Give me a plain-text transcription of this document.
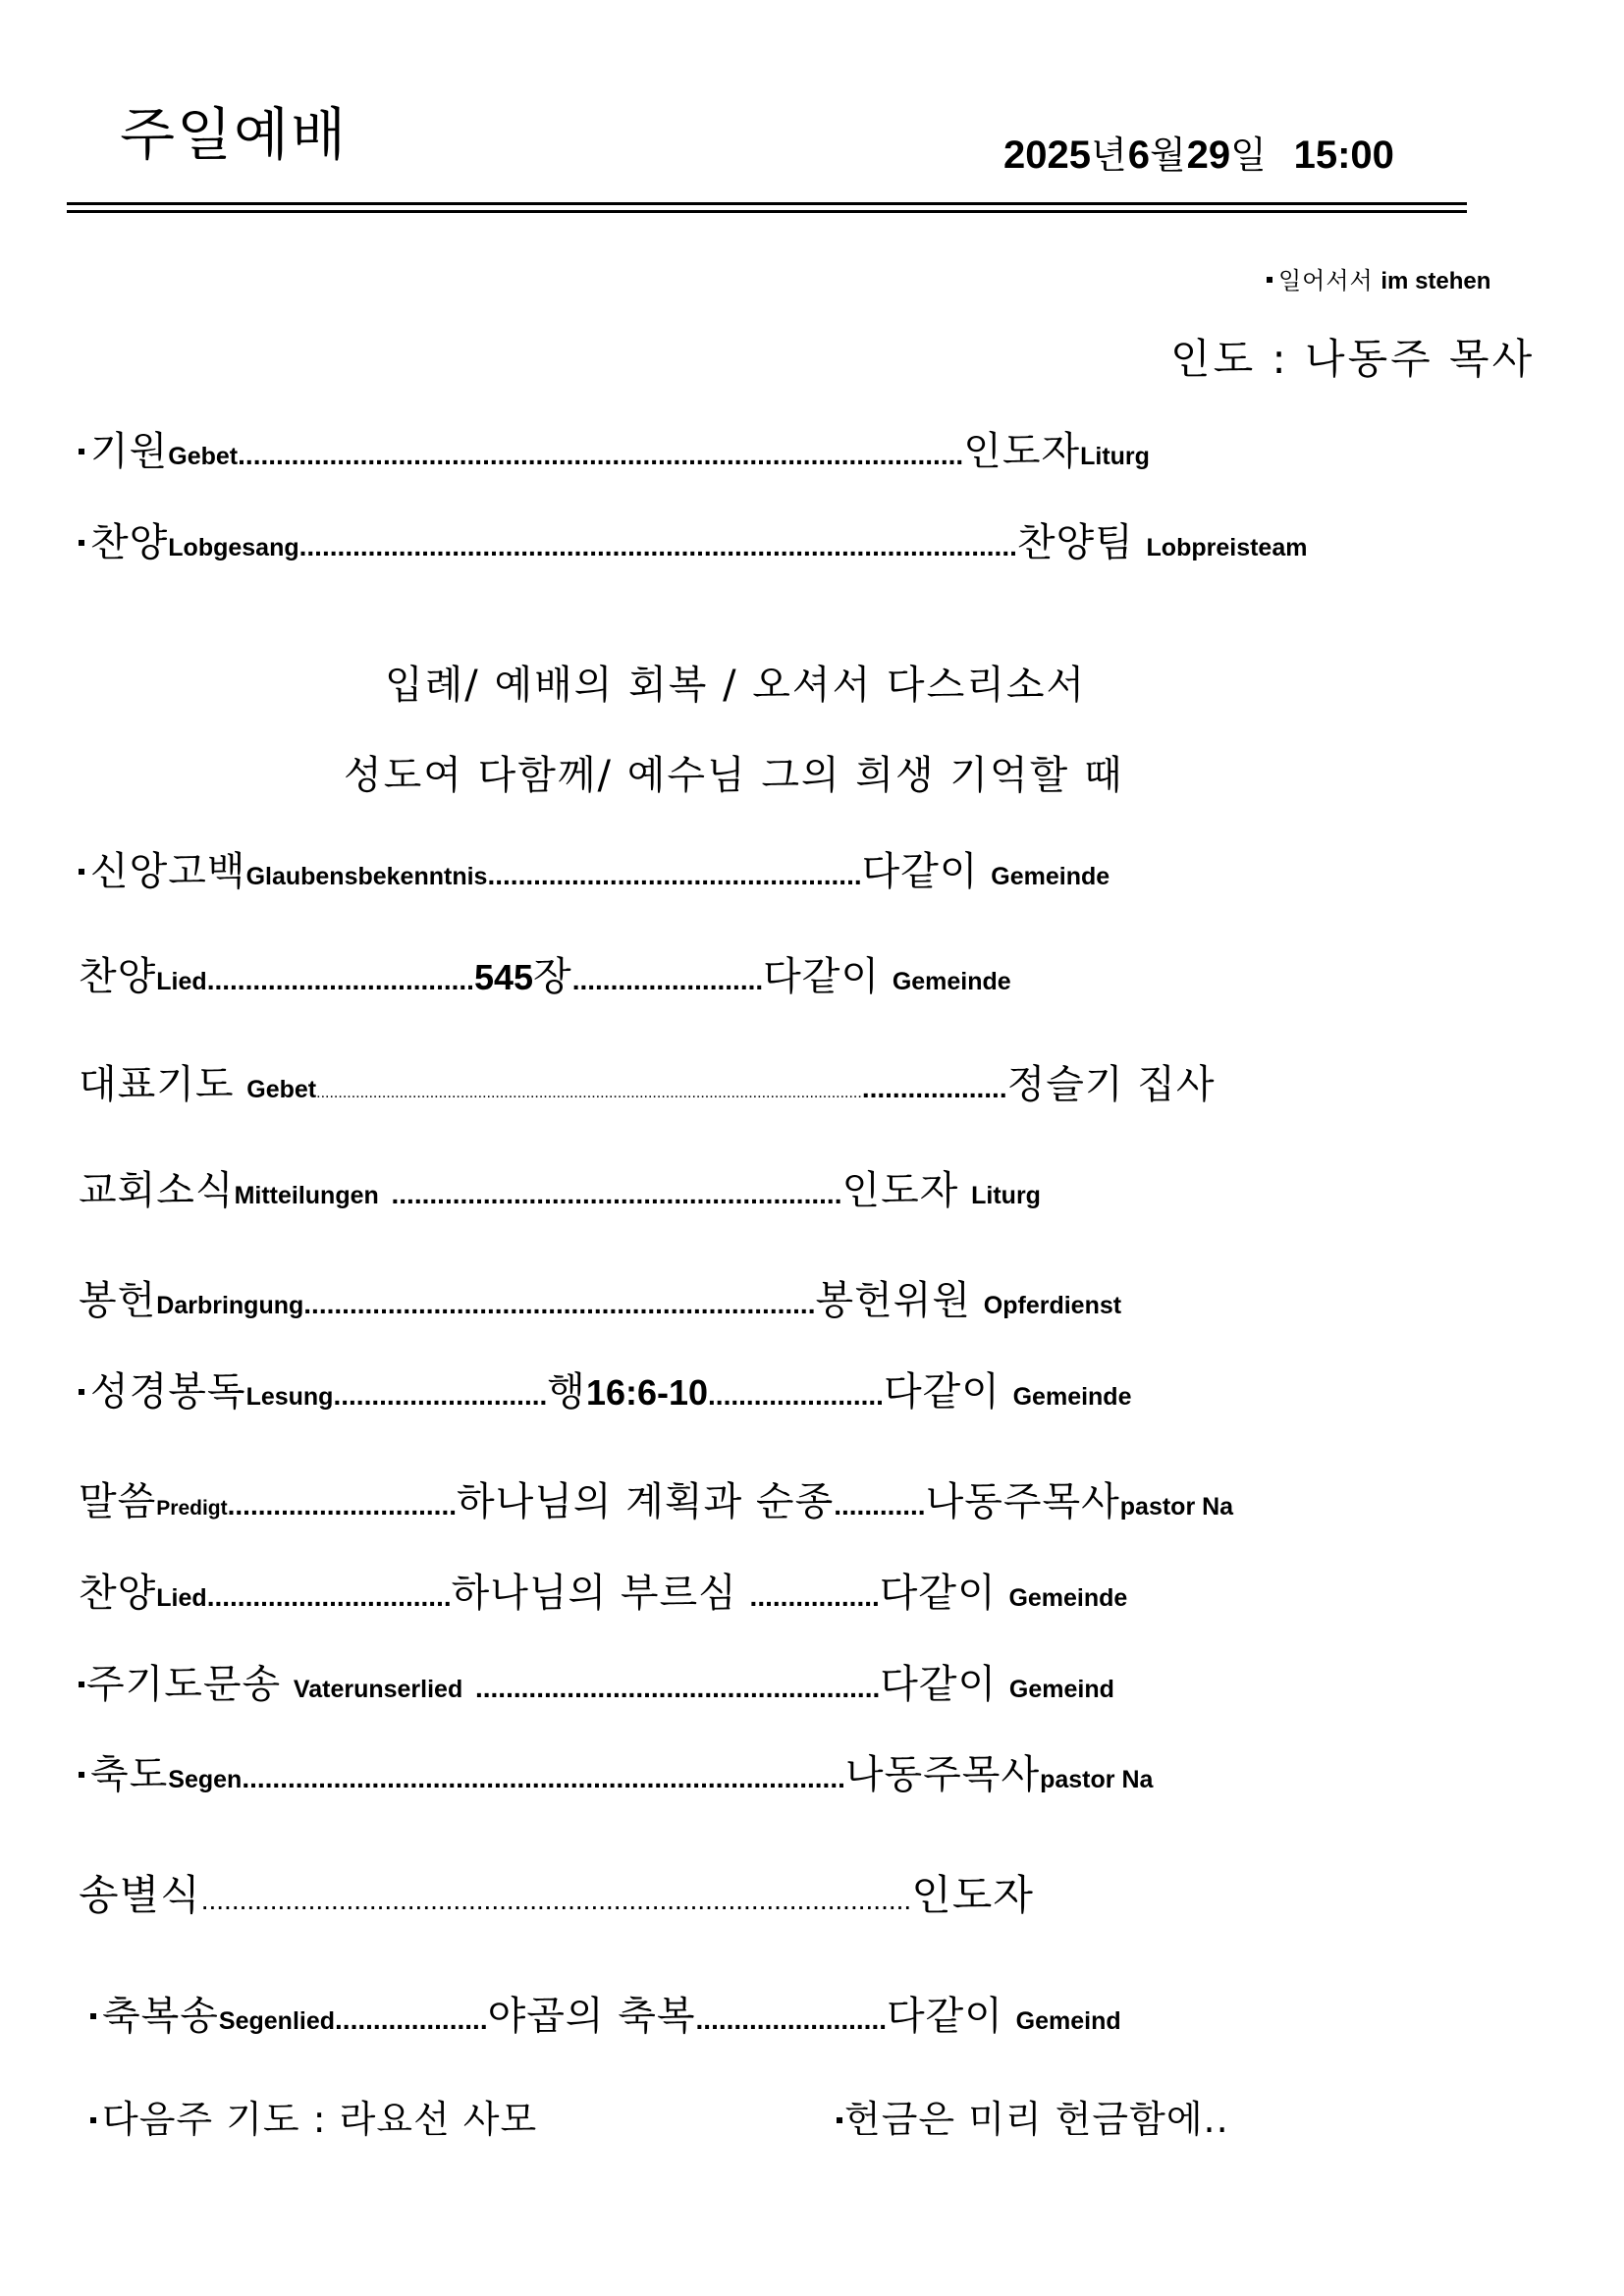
주일예배	2025년6월29일 15:00
일어서서 im stehen
인도 : 나동주 목사
기원Gebet...............................................................................................인도자Liturg
찬양Lobgesang..............................................................................................찬양팀 Lobpreisteam
입례/ 예배의 회복 / 오셔서 다스리소서
성도여 다함께/ 예수님 그의 희생 기억할 때
신앙고백Glaubensbekenntnis.................................................다같이 Gemeinde
찬양Lied...................................545장.........................다같이 Gemeinde
대표기도 Gebet................................................................................................................................................정슬기 집사
교회소식Mitteilungen ...........................................................인도자 Liturg
봉헌Darbringung...................................................................봉헌위원 Opferdienst
성경봉독Lesung............................행16:6-10.......................다같이 Gemeinde
말씀Predigt..............................하나님의 계획과 순종............나동주목사pastor Na
찬양Lied................................하나님의 부르심 .................다같이 Gemeinde
주기도문송 Vaterunserlied .....................................................다같이 Gemeind
축도Segen...............................................................................나동주목사pastor Na
송별식.............................................................................................인도자
축복송Segenlied....................야곱의 축복.........................다같이 Gemeind
다음주 기도 : 라요선 사모	헌금은 미리 헌금함에..
